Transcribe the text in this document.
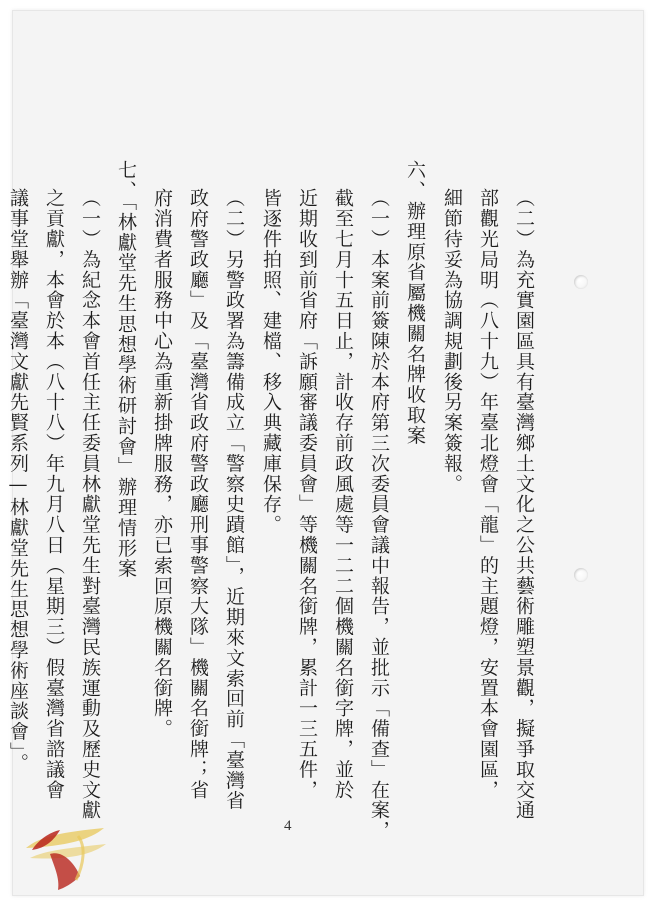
（二）為充實園區具有臺灣鄉土文化之公共藝術雕塑景觀，擬爭取交通
部觀光局明（八十九）年臺北燈會「龍」的主題燈，安置本會園區，
細節待妥為協調規劃後另案簽報。
六、辦理原省屬機關名牌收取案
（一）本案前簽陳於本府第三次委員會議中報告，並批示「備查」在案，
截至七月十五日止，計收存前政風處等一二二個機關名銜字牌，並於
近期收到前省府「訴願審議委員會」等機關名銜牌，累計一三五件，
皆逐件拍照、建檔、移入典藏庫保存。
（二）另警政署為籌備成立「警察史蹟館」，近期來文索回前「臺灣省
政府警政廳」及「臺灣省政府警政廳刑事警察大隊」機關名銜牌；省
府消費者服務中心為重新掛牌服務，亦已索回原機關名銜牌。
七、「林獻堂先生思想學術研討會」辦理情形案
（一）為紀念本會首任主任委員林獻堂先生對臺灣民族運動及歷史文獻
之貢獻，本會於本（八十八）年九月八日（星期三）假臺灣省諮議會
議事堂舉辦「臺灣文獻先賢系列—林獻堂先生思想學術座談會」。
4
